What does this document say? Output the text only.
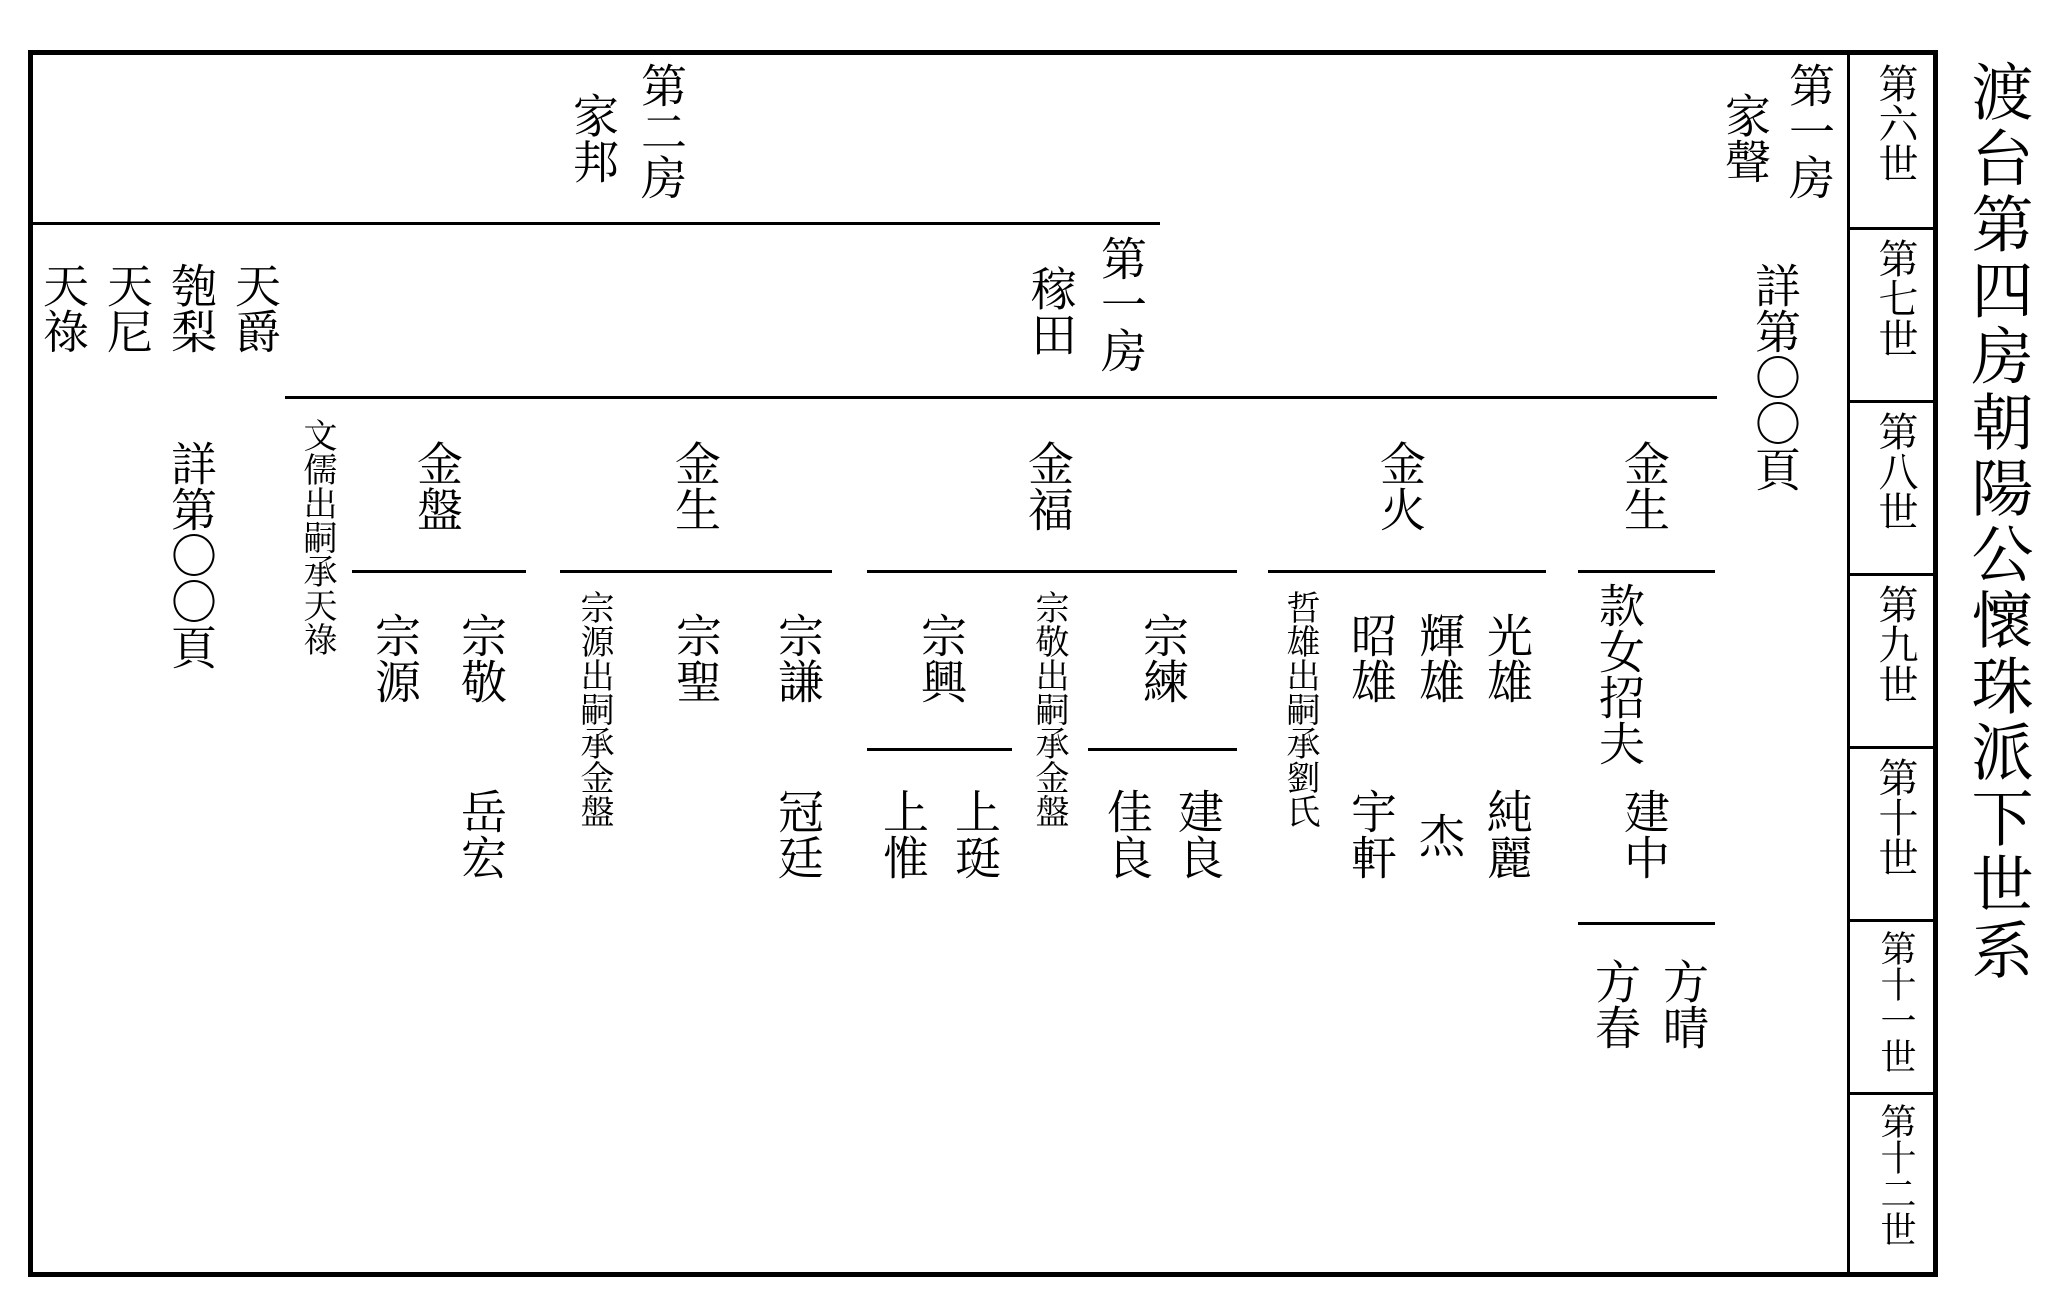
渡台第四房朝陽公懷珠派下世系
第六世
第七世
第八世
第九世
第十世
第十一世
第十二世
第一房
家聲
第二房
家邦
詳第〇〇頁
第一房
稼田
天爵
匏梨
天尼
天祿
金生
金火
金福
金生
金盤
文儒出嗣承天祿
詳第〇〇頁
款女招夫
光雄
輝雄
昭雄
哲雄出嗣承劉氏
宗練
宗敬出嗣承金盤
宗興
宗謙
宗聖
宗源出嗣承金盤
宗敬
宗源
建中
純麗
杰
宇軒
建良
佳良
上珽
上惟
冠廷
岳宏
方晴
方春
